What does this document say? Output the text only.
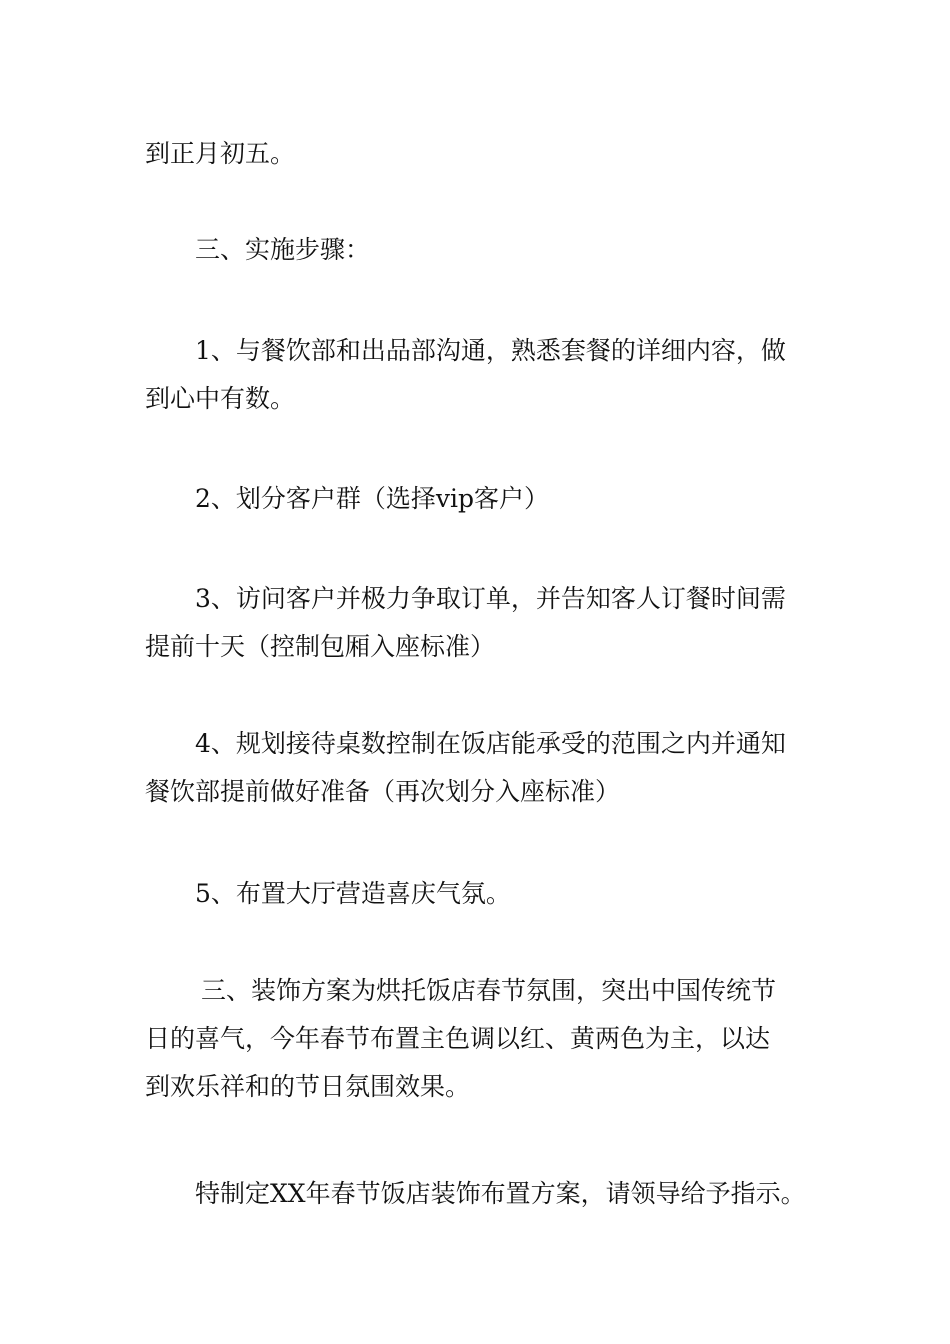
到正月初五。

三、实施步骤：

1、与餐饮部和出品部沟通，熟悉套餐的详细内容，做
到心中有数。

2、划分客户群（选择vip客户）

3、访问客户并极力争取订单，并告知客人订餐时间需
提前十天（控制包厢入座标准）

4、规划接待桌数控制在饭店能承受的范围之内并通知
餐饮部提前做好准备（再次划分入座标准）

5、布置大厅营造喜庆气氛。

三、装饰方案为烘托饭店春节氛围，突出中国传统节
日的喜气，今年春节布置主色调以红、黄两色为主，以达
到欢乐祥和的节日氛围效果。

特制定XX年春节饭店装饰布置方案，请领导给予指示。
